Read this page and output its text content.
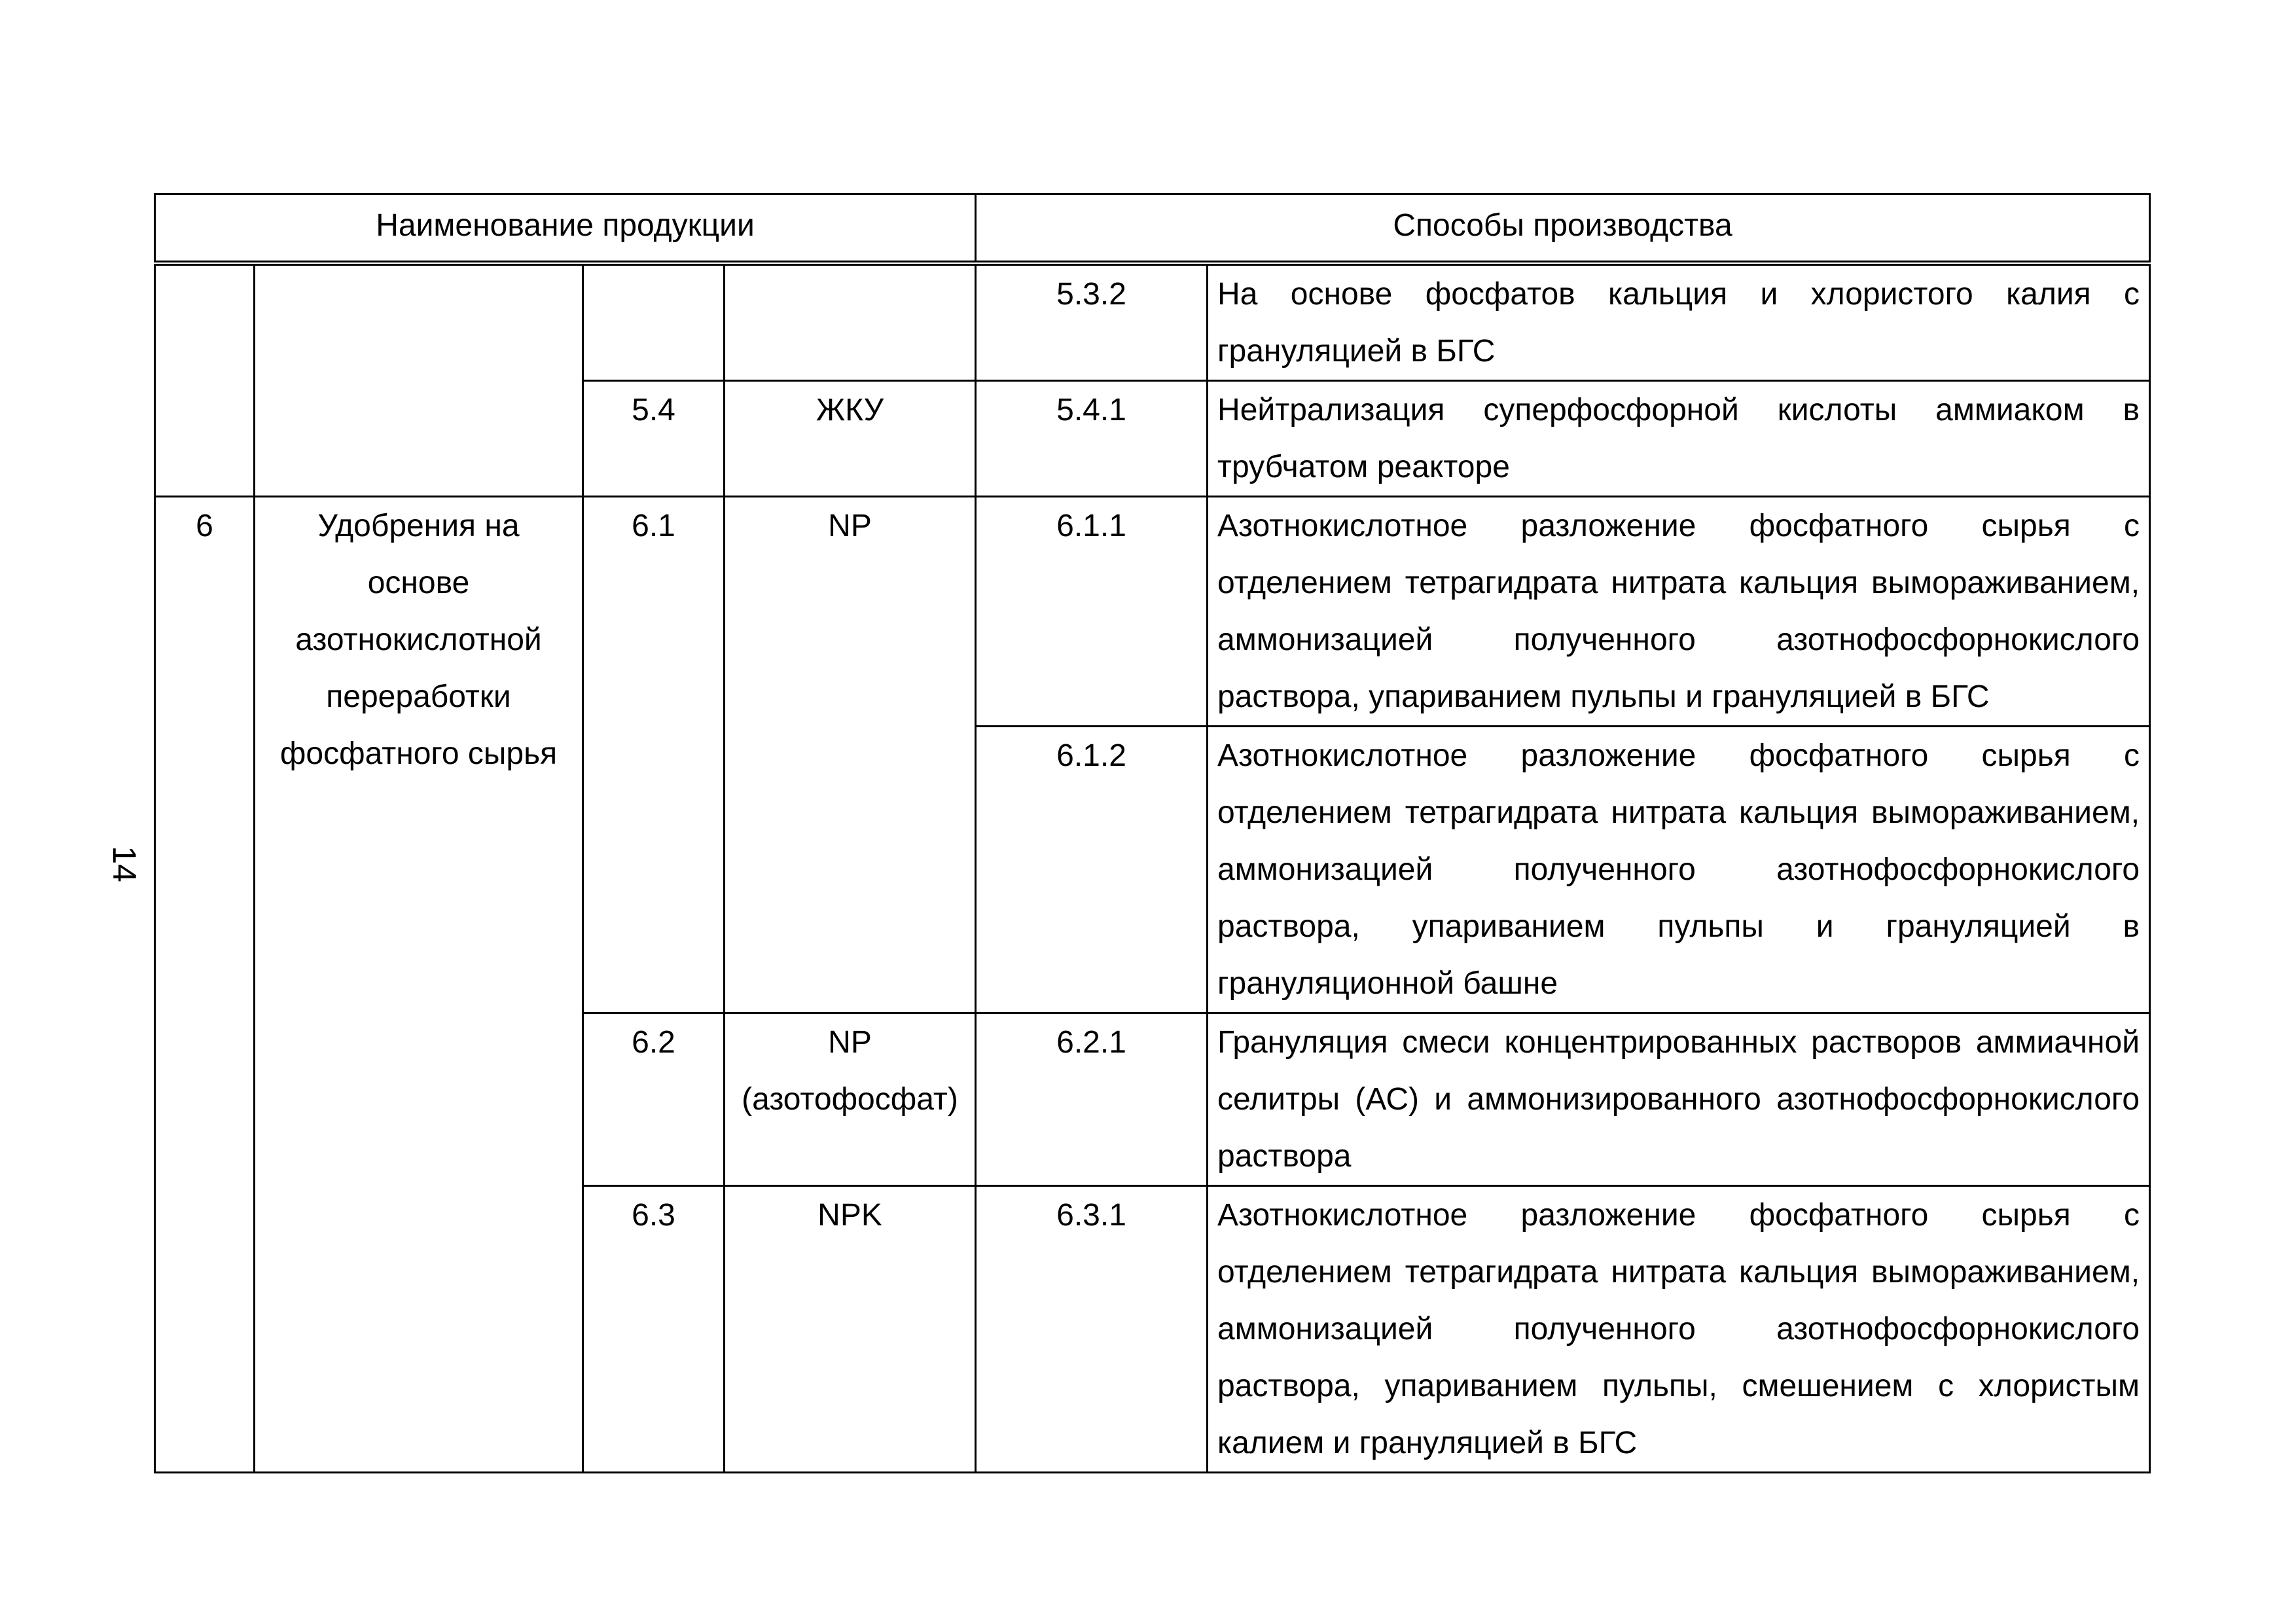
14
Наименование продукции				Способы производства	

				5.3.2	На основе фосфатов кальция и хлористого калия с грануляцией в БГС

		5.4	ЖКУ	5.4.1	Нейтрализация суперфосфорной кислоты аммиаком в трубчатом реакторе

6	Удобрения на основе азотнокислотной переработки фосфатного сырья	6.1	NP	6.1.1	Азотнокислотное разложение фосфатного сырья с отделением тетрагидрата нитрата кальция вымораживанием, аммонизацией полученного азотнофосфорнокислого раствора, упариванием пульпы и грануляцией в БГС

				6.1.2	Азотнокислотное разложение фосфатного сырья с отделением тетрагидрата нитрата кальция вымораживанием, аммонизацией полученного азотнофосфорнокислого раствора, упариванием пульпы и грануляцией в грануляционной башне

		6.2	NP (азотофосфат)	6.2.1	Грануляция смеси концентрированных растворов аммиачной селитры (АС) и аммонизированного азотнофосфорнокислого раствора

		6.3	NPK	6.3.1	Азотнокислотное разложение фосфатного сырья с отделением тетрагидрата нитрата кальция вымораживанием, аммонизацией полученного азотнофосфорнокислого раствора, упариванием пульпы, смешением с хлористым калием и грануляцией в БГС
